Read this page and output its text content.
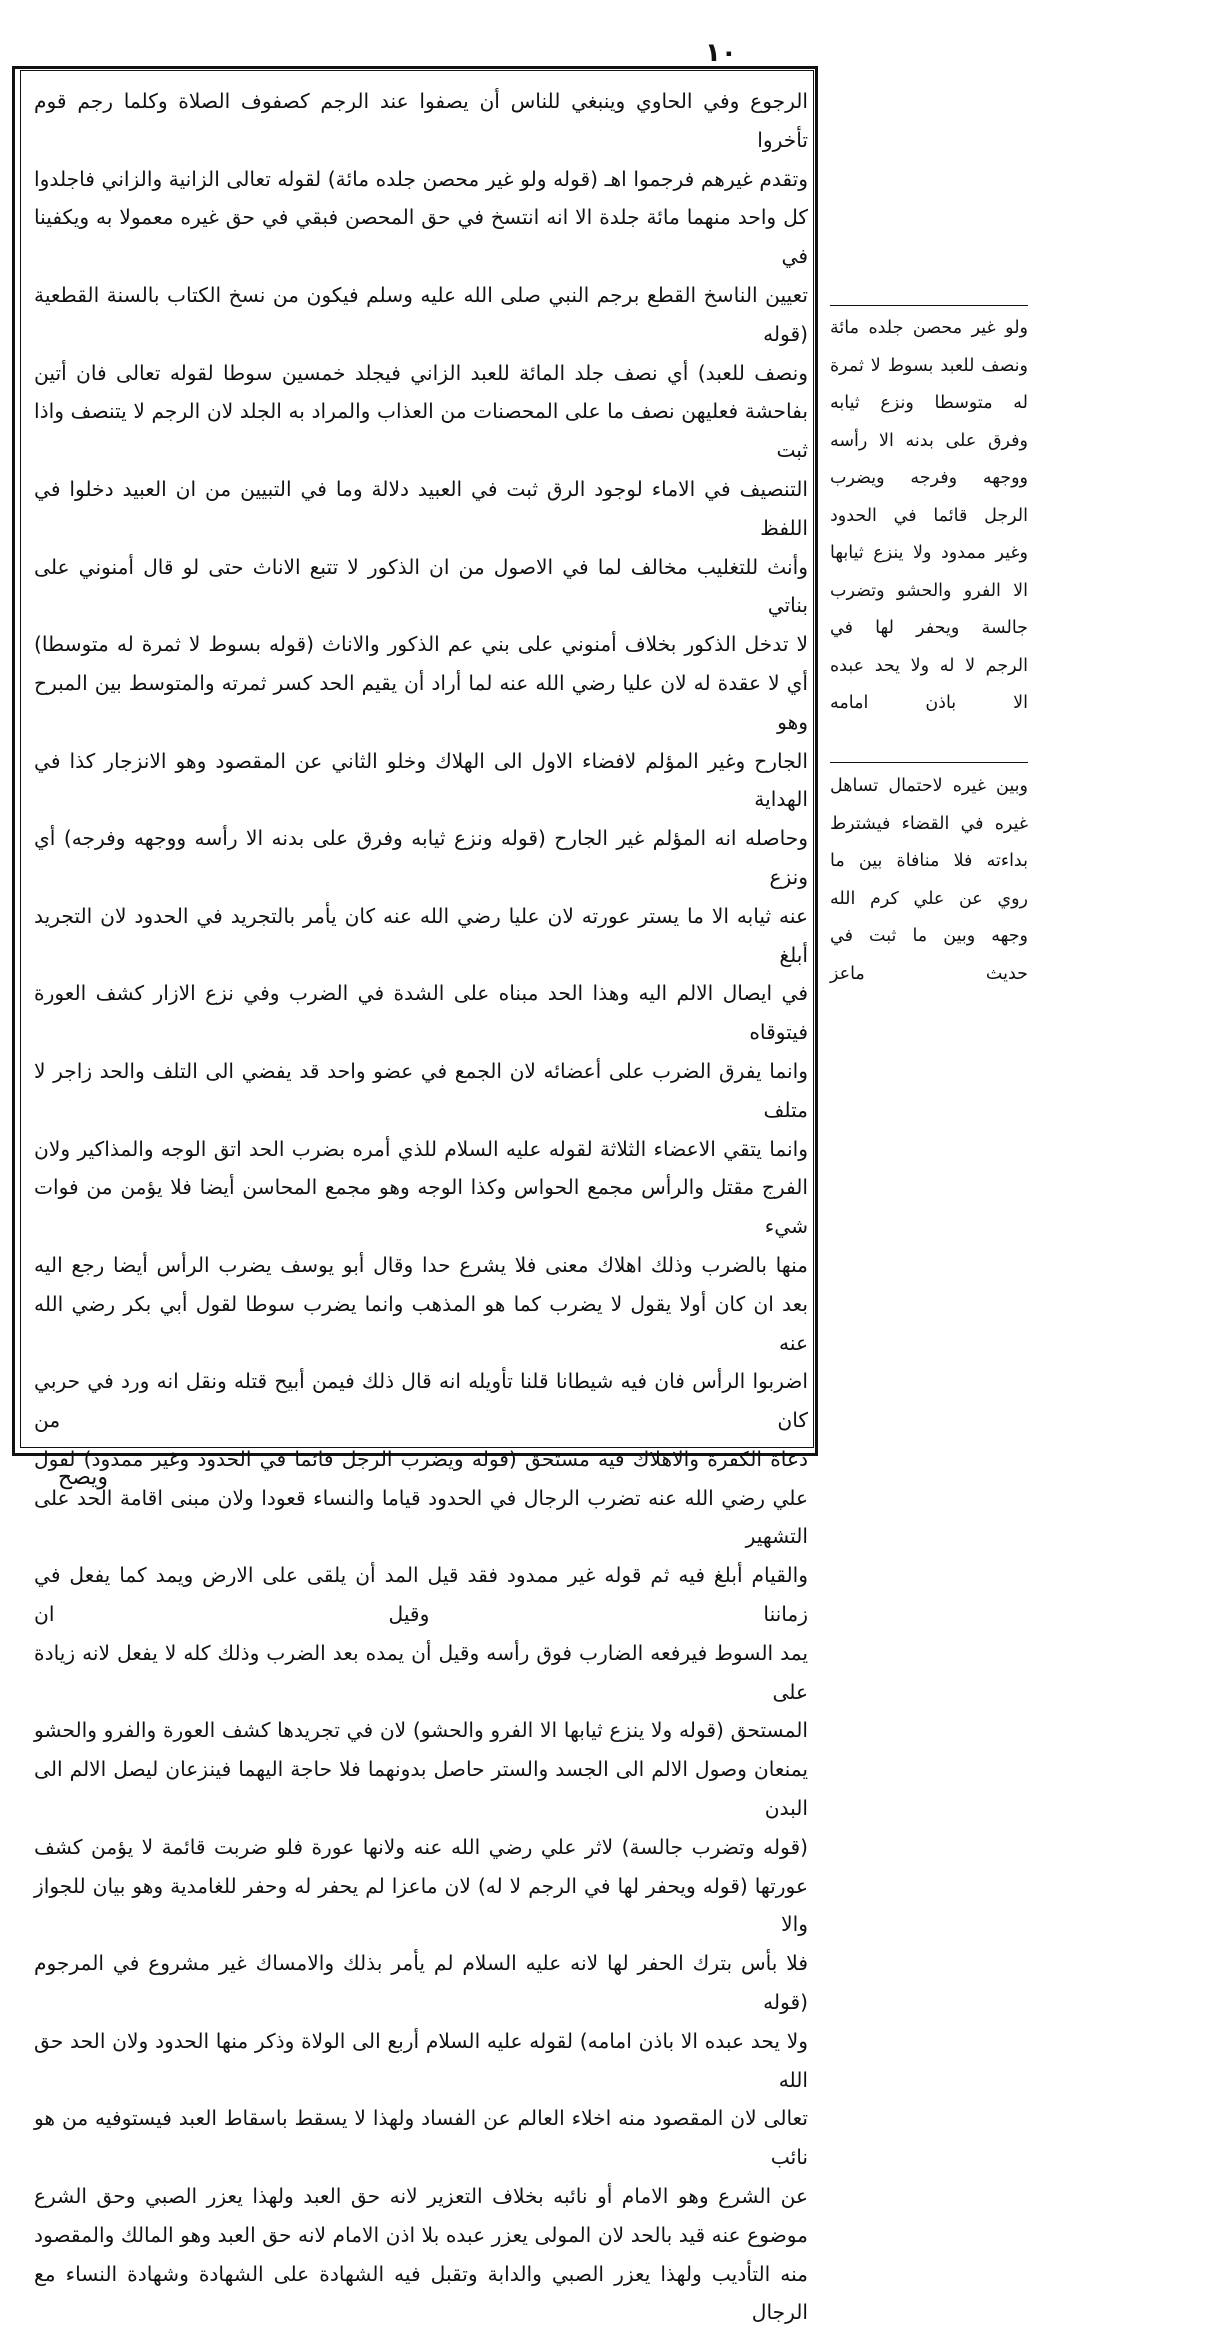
١٠

الرجوع وفي الحاوي وينبغي للناس أن يصفوا عند الرجم كصفوف الصلاة وكلما رجم قوم تأخروا

وتقدم غيرهم فرجموا اهـ (قوله ولو غير محصن جلده مائة) لقوله تعالى الزانية والزاني فاجلدوا

كل واحد منهما مائة جلدة الا انه انتسخ في حق المحصن فبقي في حق غيره معمولا به ويكفينا في

تعيين الناسخ القطع برجم النبي صلى الله عليه وسلم فيكون من نسخ الكتاب بالسنة القطعية (قوله

ونصف للعبد) أي نصف جلد المائة للعبد الزاني فيجلد خمسين سوطا لقوله تعالى فان أتين

بفاحشة فعليهن نصف ما على المحصنات من العذاب والمراد به الجلد لان الرجم لا يتنصف واذا ثبت

التنصيف في الاماء لوجود الرق ثبت في العبيد دلالة وما في التبيين من ان العبيد دخلوا في اللفظ

وأنث للتغليب مخالف لما في الاصول من ان الذكور لا تتبع الاناث حتى لو قال أمنوني على بناتي

لا تدخل الذكور بخلاف أمنوني على بني عم الذكور والاناث (قوله بسوط لا ثمرة له متوسطا)

أي لا عقدة له لان عليا رضي الله عنه لما أراد أن يقيم الحد كسر ثمرته والمتوسط بين المبرح وهو

الجارح وغير المؤلم لافضاء الاول الى الهلاك وخلو الثاني عن المقصود وهو الانزجار كذا في الهداية

وحاصله انه المؤلم غير الجارح (قوله ونزع ثيابه وفرق على بدنه الا رأسه ووجهه وفرجه) أي ونزع

عنه ثيابه الا ما يستر عورته لان عليا رضي الله عنه كان يأمر بالتجريد في الحدود لان التجريد أبلغ

في ايصال الالم اليه وهذا الحد مبناه على الشدة في الضرب وفي نزع الازار كشف العورة فيتوقاه

وانما يفرق الضرب على أعضائه لان الجمع في عضو واحد قد يفضي الى التلف والحد زاجر لا متلف

وانما يتقي الاعضاء الثلاثة لقوله عليه السلام للذي أمره بضرب الحد اتق الوجه والمذاكير ولان

الفرج مقتل والرأس مجمع الحواس وكذا الوجه وهو مجمع المحاسن أيضا فلا يؤمن من فوات شيء

منها بالضرب وذلك اهلاك معنى فلا يشرع حدا وقال أبو يوسف يضرب الرأس أيضا رجع اليه

بعد ان كان أولا يقول لا يضرب كما هو المذهب وانما يضرب سوطا لقول أبي بكر رضي الله عنه

اضربوا الرأس فان فيه شيطانا قلنا تأويله انه قال ذلك فيمن أبيح قتله ونقل انه ورد في حربي كان من

دعاة الكفرة والاهلاك فيه مستحق (قوله ويضرب الرجل قائما في الحدود وغير ممدود) لقول

علي رضي الله عنه تضرب الرجال في الحدود قياما والنساء قعودا ولان مبنى اقامة الحد على التشهير

والقيام أبلغ فيه ثم قوله غير ممدود فقد قيل المد أن يلقى على الارض ويمد كما يفعل في زماننا وقيل ان

يمد السوط فيرفعه الضارب فوق رأسه وقيل أن يمده بعد الضرب وذلك كله لا يفعل لانه زيادة على

المستحق (قوله ولا ينزع ثيابها الا الفرو والحشو) لان في تجريدها كشف العورة والفرو والحشو

يمنعان وصول الالم الى الجسد والستر حاصل بدونهما فلا حاجة اليهما فينزعان ليصل الالم الى البدن

(قوله وتضرب جالسة) لاثر علي رضي الله عنه ولانها عورة فلو ضربت قائمة لا يؤمن كشف

عورتها (قوله ويحفر لها في الرجم لا له) لان ماعزا لم يحفر له وحفر للغامدية وهو بيان للجواز والا

فلا بأس بترك الحفر لها لانه عليه السلام لم يأمر بذلك والامساك غير مشروع في المرجوم (قوله

ولا يحد عبده الا باذن امامه) لقوله عليه السلام أربع الى الولاة وذكر منها الحدود ولان الحد حق الله

تعالى لان المقصود منه اخلاء العالم عن الفساد ولهذا لا يسقط باسقاط العبد فيستوفيه من هو نائب

عن الشرع وهو الامام أو نائبه بخلاف التعزير لانه حق العبد ولهذا يعزر الصبي وحق الشرع

موضوع عنه قيد بالحد لان المولى يعزر عبده بلا اذن الامام لانه حق العبد وهو المالك والمقصود

منه التأديب ولهذا يعزر الصبي والدابة وتقبل فيه الشهادة على الشهادة وشهادة النساء مع الرجال

ولو غير محصن جلده مائة

ونصف للعبد بسوط لا ثمرة

له متوسطا ونزع ثيابه

وفرق على بدنه الا رأسه

ووجهه وفرجه ويضرب

الرجل قائما في الحدود

وغير ممدود ولا ينزع ثيابها

الا الفرو والحشو وتضرب

جالسة ويحفر لها في

الرجم لا له ولا يحد عبده

الا باذن امامه

وبين غيره لاحتمال تساهل

غيره في القضاء فيشترط

بداءته فلا منافاة بين ما

روي عن علي كرم الله

وجهه وبين ما ثبت في

حديث ماعز

ويصح
